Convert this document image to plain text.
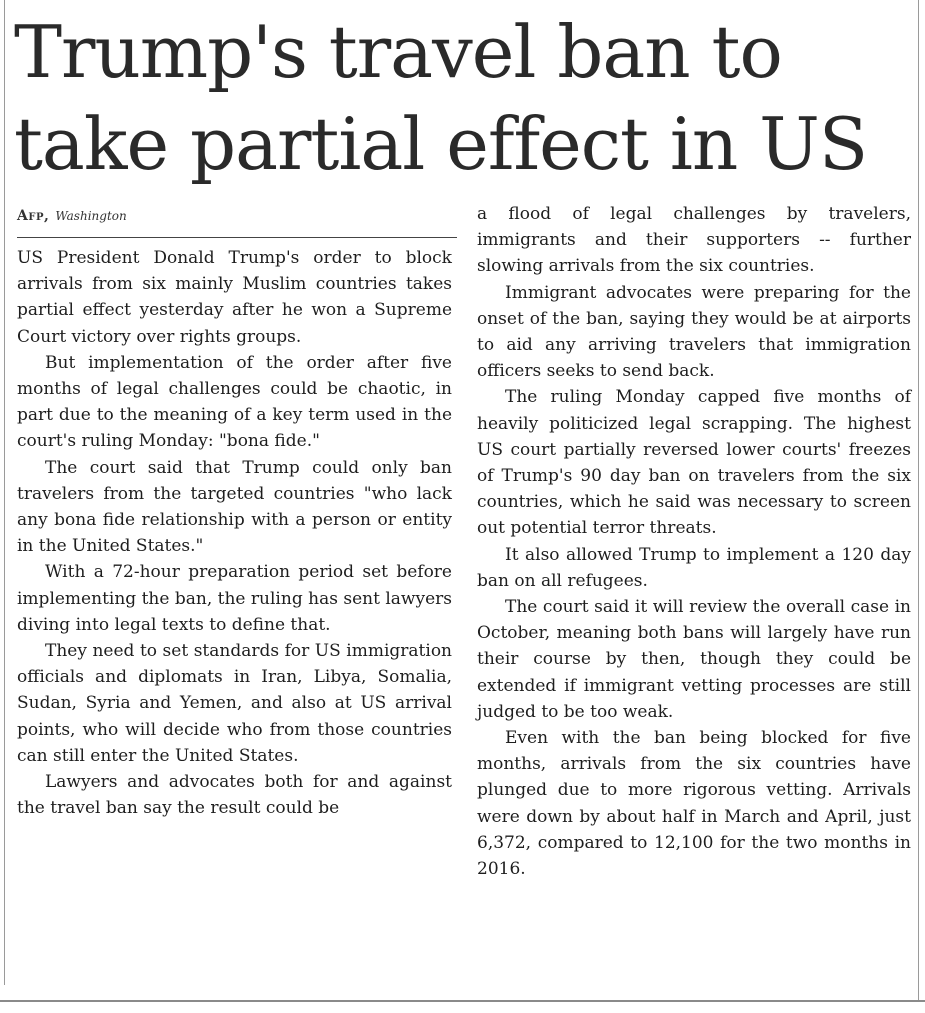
Trump's travel ban to
take partial effect in US
Afp, Washington

US President Donald Trump's order to block arrivals from six mainly Muslim countries takes partial effect yesterday after he won a Supreme Court victory over rights groups.

But implementation of the order after five months of legal challenges could be chaotic, in part due to the meaning of a key term used in the court's ruling Monday: "bona fide."

The court said that Trump could only ban travelers from the targeted countries "who lack any bona fide relationship with a person or entity in the United States."

With a 72-hour preparation period set before implementing the ban, the ruling has sent lawyers diving into legal texts to define that.

They need to set standards for US immigration officials and diplomats in Iran, Libya, Somalia, Sudan, Syria and Yemen, and also at US arrival points, who will decide who from those countries can still enter the United States.

Lawyers and advocates both for and against the travel ban say the result could be

a flood of legal challenges by travelers, immigrants and their supporters -- further slowing arrivals from the six countries.

Immigrant advocates were preparing for the onset of the ban, saying they would be at airports to aid any arriving travelers that immigration officers seeks to send back.

The ruling Monday capped five months of heavily politicized legal scrapping. The highest US court partially reversed lower courts' freezes of Trump's 90 day ban on travelers from the six countries, which he said was necessary to screen out potential terror threats.

It also allowed Trump to implement a 120 day ban on all refugees.

The court said it will review the overall case in October, meaning both bans will largely have run their course by then, though they could be extended if immigrant vetting processes are still judged to be too weak.

Even with the ban being blocked for five months, arrivals from the six countries have plunged due to more rigorous vetting. Arrivals were down by about half in March and April, just 6,372, compared to 12,100 for the two months in 2016.
